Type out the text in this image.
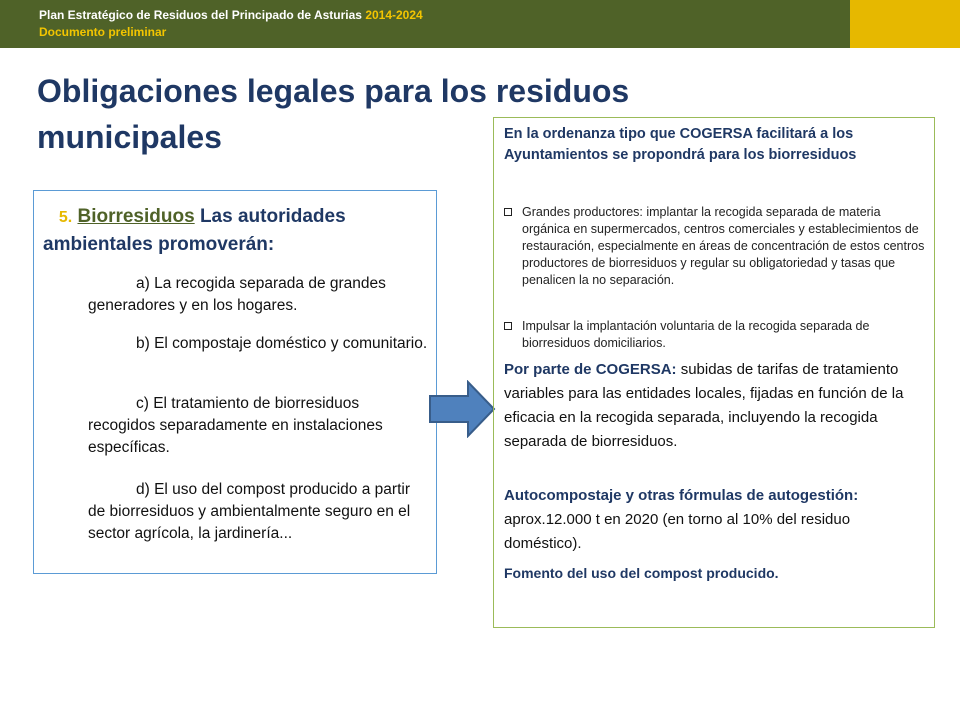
Plan Estratégico de Residuos del Principado de Asturias 2014-2024
Documento preliminar
Obligaciones legales para los residuos municipales
5. Biorresiduos Las autoridades ambientales promoverán:
a) La recogida separada de grandes generadores y en los hogares.
b) El compostaje doméstico y comunitario.
c) El tratamiento de biorresiduos recogidos separadamente en instalaciones específicas.
d) El uso del compost producido a partir de biorresiduos y ambientalmente seguro en el sector agrícola, la jardinería...
En la ordenanza tipo que COGERSA facilitará a los Ayuntamientos se propondrá para los biorresiduos
Grandes productores: implantar la recogida separada de materia orgánica en supermercados, centros comerciales y establecimientos de restauración, especialmente en áreas de concentración de estos centros productores de biorresiduos y regular su obligatoriedad y tasas que penalicen la no separación.
Impulsar la implantación voluntaria de la recogida separada de biorresiduos domiciliarios.
Por parte de COGERSA: subidas de tarifas de tratamiento variables para las entidades locales, fijadas en función de la eficacia en la recogida separada, incluyendo la recogida separada de biorresiduos.
Autocompostaje y otras fórmulas de autogestión: aprox.12.000 t en 2020 (en torno al 10% del residuo doméstico).
Fomento del uso del compost producido.
